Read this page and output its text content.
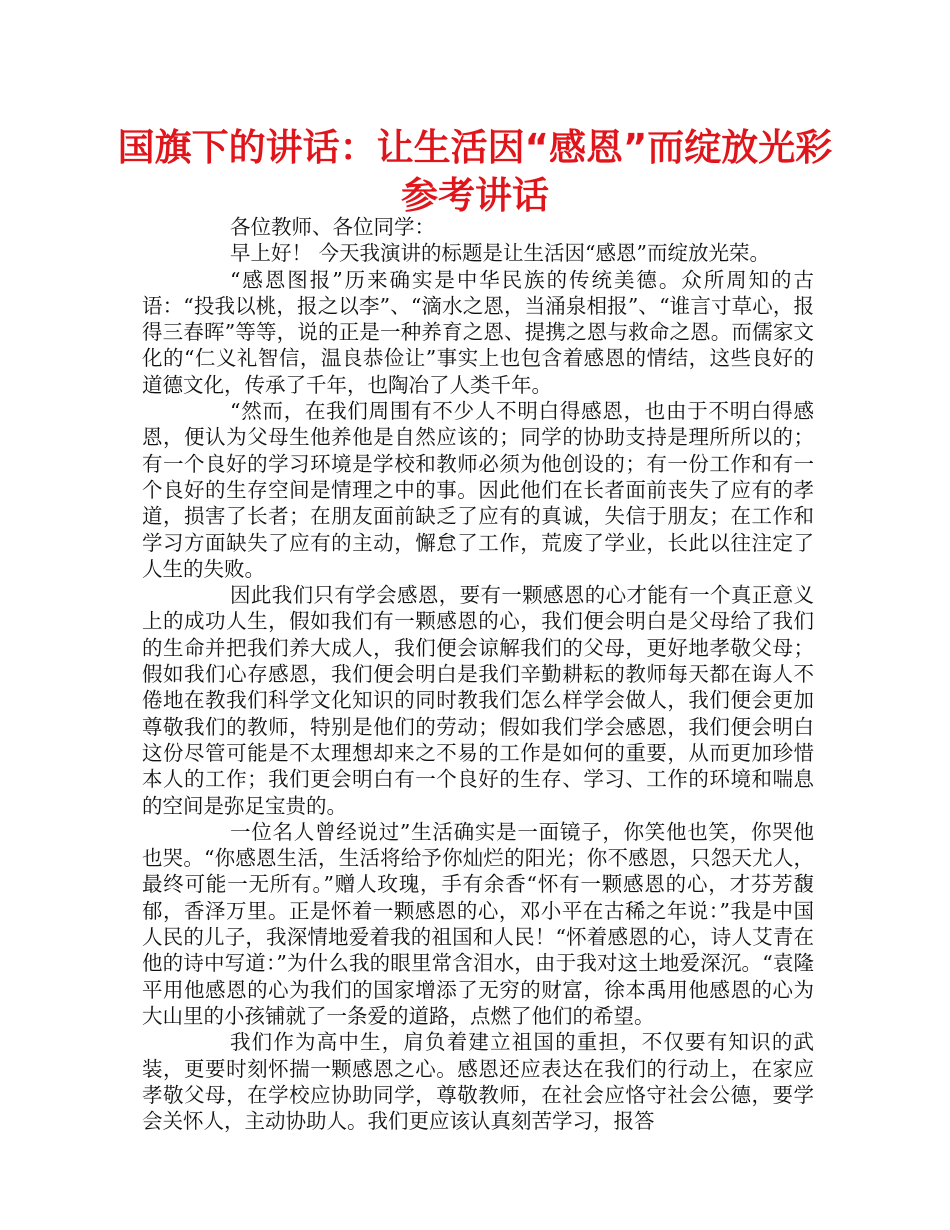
国旗下的讲话：让生活因“感恩”而绽放光彩参考讲话

各位教师、各位同学：

早上好！ 今天我演讲的标题是让生活因“感恩”而绽放光荣。

“感恩图报”历来确实是中华民族的传统美德。众所周知的古语：“投我以桃，报之以李”、“滴水之恩，当涌泉相报”、“谁言寸草心，报得三春晖”等等，说的正是一种养育之恩、提携之恩与救命之恩。而儒家文化的“仁义礼智信，温良恭俭让”事实上也包含着感恩的情结，这些良好的道德文化，传承了千年，也陶冶了人类千年。

“然而，在我们周围有不少人不明白得感恩，也由于不明白得感恩，便认为父母生他养他是自然应该的；同学的协助支持是理所所以的；有一个良好的学习环境是学校和教师必须为他创设的；有一份工作和有一个良好的生存空间是情理之中的事。因此他们在长者面前丧失了应有的孝道，损害了长者；在朋友面前缺乏了应有的真诚，失信于朋友；在工作和学习方面缺失了应有的主动，懈怠了工作，荒废了学业，长此以往注定了人生的失败。

因此我们只有学会感恩，要有一颗感恩的心才能有一个真正意义上的成功人生，假如我们有一颗感恩的心，我们便会明白是父母给了我们的生命并把我们养大成人，我们便会谅解我们的父母，更好地孝敬父母；假如我们心存感恩，我们便会明白是我们辛勤耕耘的教师每天都在诲人不倦地在教我们科学文化知识的同时教我们怎么样学会做人，我们便会更加尊敬我们的教师，特别是他们的劳动；假如我们学会感恩，我们便会明白这份尽管可能是不太理想却来之不易的工作是如何的重要，从而更加珍惜本人的工作；我们更会明白有一个良好的生存、学习、工作的环境和喘息的空间是弥足宝贵的。

一位名人曾经说过”生活确实是一面镜子，你笑他也笑，你哭他也哭。“你感恩生活，生活将给予你灿烂的阳光；你不感恩，只怨天尤人，最终可能一无所有。”赠人玫瑰，手有余香“怀有一颗感恩的心，才芬芳馥郁，香泽万里。正是怀着一颗感恩的心，邓小平在古稀之年说：”我是中国人民的儿子，我深情地爱着我的祖国和人民！“怀着感恩的心，诗人艾青在他的诗中写道：”为什么我的眼里常含泪水，由于我对这土地爱深沉。“袁隆平用他感恩的心为我们的国家增添了无穷的财富，徐本禹用他感恩的心为大山里的小孩铺就了一条爱的道路，点燃了他们的希望。

我们作为高中生，肩负着建立祖国的重担，不仅要有知识的武装，更要时刻怀揣一颗感恩之心。感恩还应表达在我们的行动上，在家应孝敬父母，在学校应协助同学，尊敬教师，在社会应恪守社会公德，要学会关怀人，主动协助人。我们更应该认真刻苦学习，报答
